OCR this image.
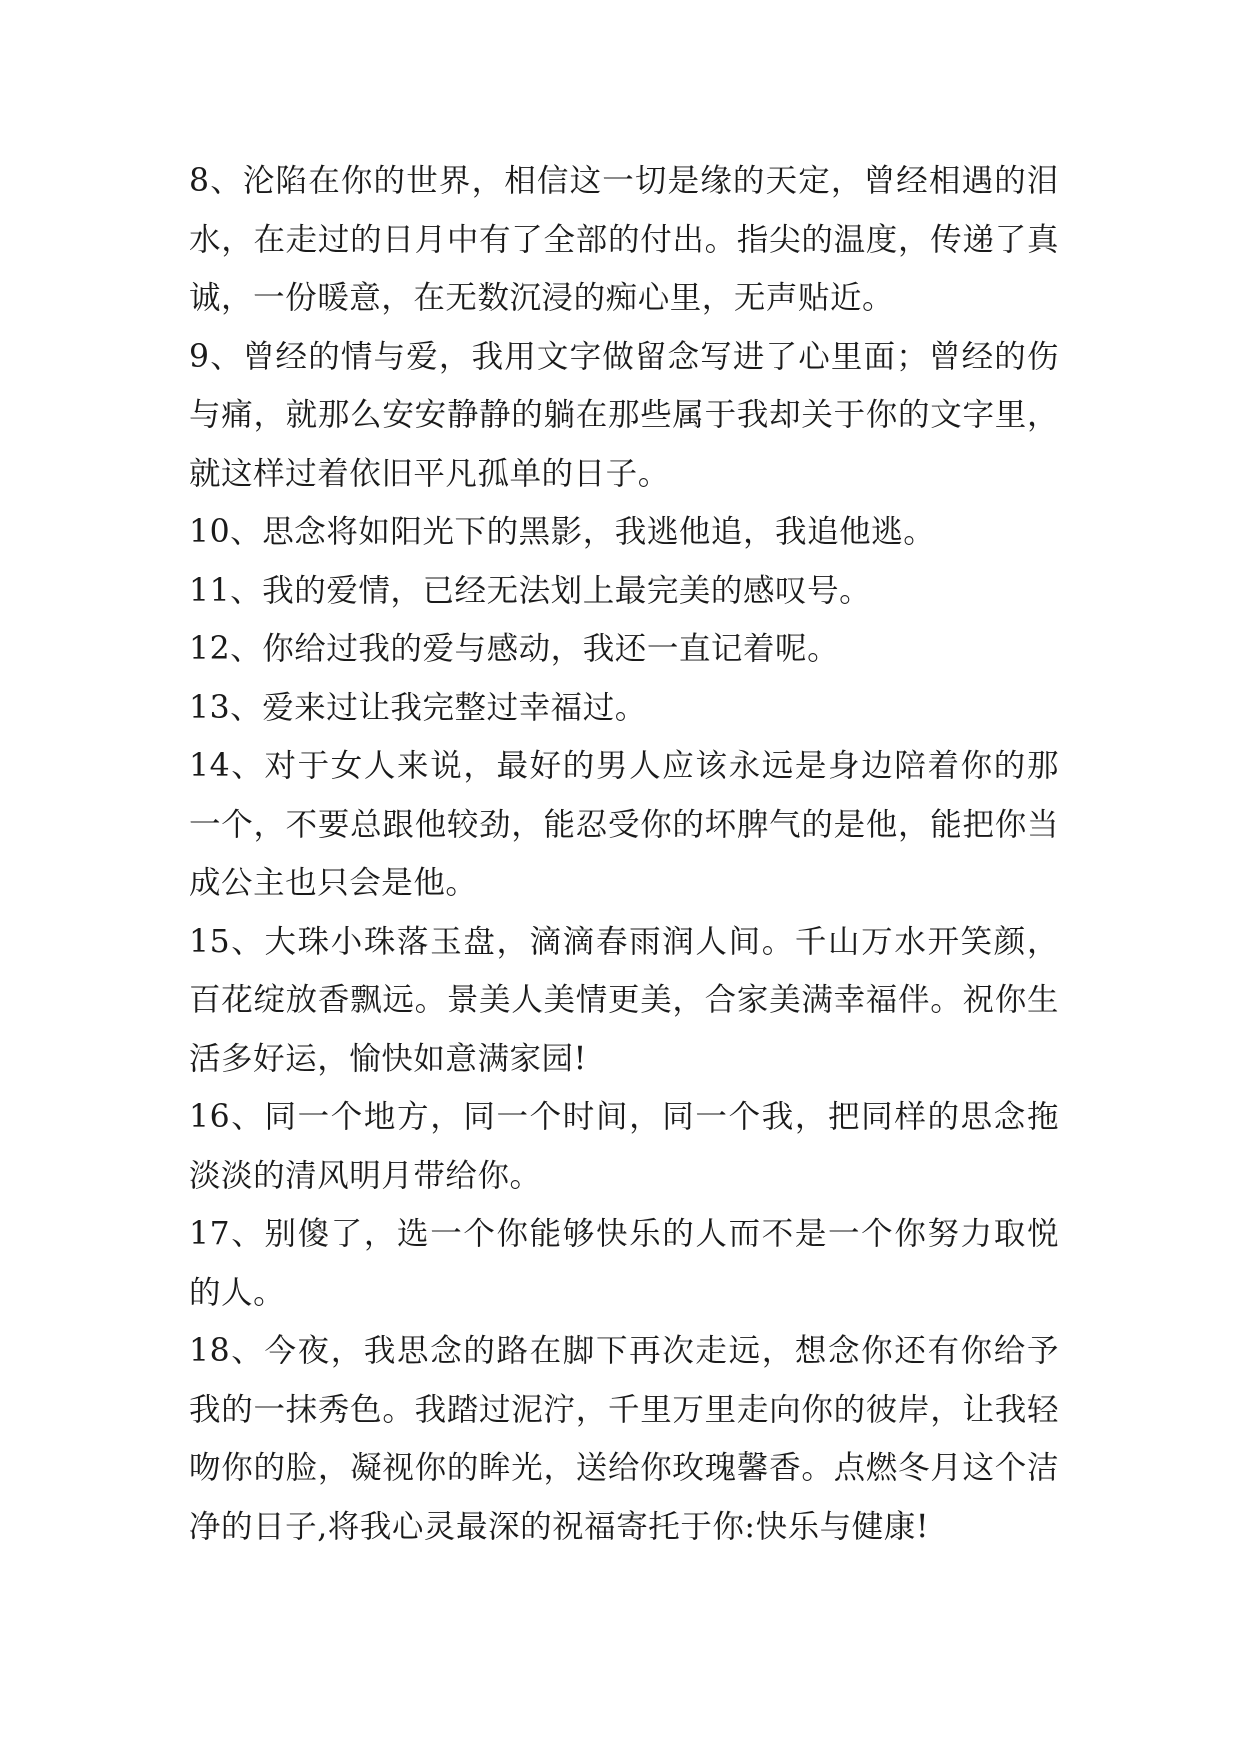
8、沦陷在你的世界，相信这一切是缘的天定，曾经相遇的泪水，在走过的日月中有了全部的付出。指尖的温度，传递了真诚，一份暖意，在无数沉浸的痴心里，无声贴近。

9、曾经的情与爱，我用文字做留念写进了心里面；曾经的伤与痛，就那么安安静静的躺在那些属于我却关于你的文字里，就这样过着依旧平凡孤单的日子。

10、思念将如阳光下的黑影，我逃他追，我追他逃。

11、我的爱情，已经无法划上最完美的感叹号。

12、你给过我的爱与感动，我还一直记着呢。

13、爱来过让我完整过幸福过。

14、对于女人来说，最好的男人应该永远是身边陪着你的那一个，不要总跟他较劲，能忍受你的坏脾气的是他，能把你当成公主也只会是他。

15、大珠小珠落玉盘，滴滴春雨润人间。千山万水开笑颜，百花绽放香飘远。景美人美情更美，合家美满幸福伴。祝你生活多好运，愉快如意满家园!

16、同一个地方，同一个时间，同一个我，把同样的思念拖淡淡的清风明月带给你。

17、别傻了，选一个你能够快乐的人而不是一个你努力取悦的人。

18、今夜，我思念的路在脚下再次走远，想念你还有你给予我的一抹秀色。我踏过泥泞，千里万里走向你的彼岸，让我轻吻你的脸，凝视你的眸光，送给你玫瑰馨香。点燃冬月这个洁净的日子,将我心灵最深的祝福寄托于你:快乐与健康!
